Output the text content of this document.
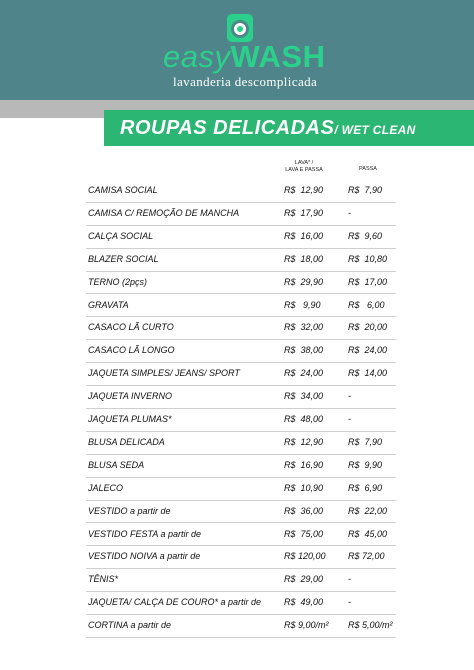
easyWASH
lavanderia descomplicada
ROUPAS DELICADAS/ WET CLEAN
LAVA* /
LAVA E PASSA	PASSA
CAMISA SOCIAL	R$  12,90	R$  7,90
CAMISA C/ REMOÇÃO DE MANCHA	R$  17,90	-
CALÇA SOCIAL	R$  16,00	R$  9,60
BLAZER SOCIAL	R$  18,00	R$  10,80
TERNO (2pçs)	R$  29,90	R$  17,00
GRAVATA	R$   9,90	R$   6,00
CASACO LÃ CURTO	R$  32,00	R$  20,00
CASACO LÃ LONGO	R$  38,00	R$  24,00
JAQUETA SIMPLES/ JEANS/ SPORT	R$  24,00	R$  14,00
JAQUETA INVERNO	R$  34,00	-
JAQUETA PLUMAS*	R$  48,00	-
BLUSA DELICADA	R$  12,90	R$  7,90
BLUSA SEDA	R$  16,90	R$  9,90
JALECO	R$  10,90	R$  6,90
VESTIDO a partir de	R$  36,00	R$  22,00
VESTIDO FESTA a partir de	R$  75,00	R$  45,00
VESTIDO NOIVA a partir de	R$ 120,00	R$ 72,00
TÊNIS*	R$  29,00	-
JAQUETA/ CALÇA DE COURO* a partir de	R$  49,00	-
CORTINA a partir de	R$ 9,00/m²	R$ 5,00/m²
